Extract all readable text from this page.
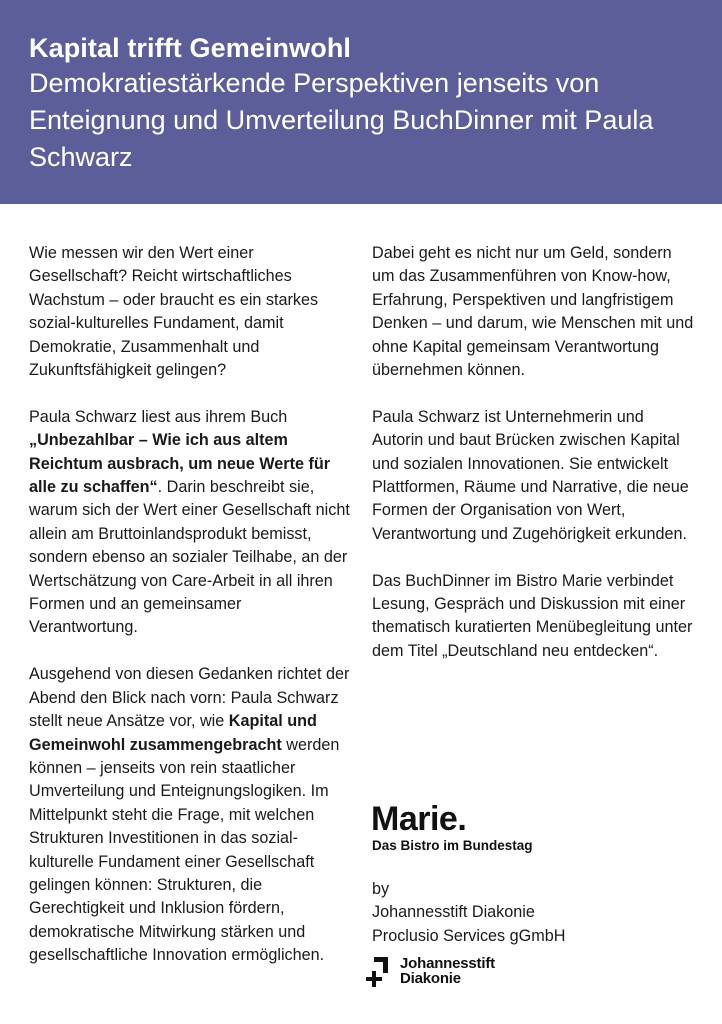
Kapital trifft Gemeinwohl

Demokratiestärkende Perspektiven jenseits von Enteignung und Umverteilung BuchDinner mit Paula Schwarz

Wie messen wir den Wert einer Gesellschaft? Reicht wirtschaftliches Wachstum – oder braucht es ein starkes sozial-kulturelles Fundament, damit Demokratie, Zusammenhalt und Zukunftsfähigkeit gelingen?

Paula Schwarz liest aus ihrem Buch „Unbezahlbar – Wie ich aus altem Reichtum ausbrach, um neue Werte für alle zu schaffen“. Darin beschreibt sie, warum sich der Wert einer Gesellschaft nicht allein am Bruttoinlandsprodukt bemisst, sondern ebenso an sozialer Teilhabe, an der Wertschätzung von Care-Arbeit in all ihren Formen und an gemeinsamer Verantwortung.

Ausgehend von diesen Gedanken richtet der Abend den Blick nach vorn: Paula Schwarz stellt neue Ansätze vor, wie Kapital und Gemeinwohl zusammengebracht werden können – jenseits von rein staatlicher Umverteilung und Enteignungslogiken. Im Mittelpunkt steht die Frage, mit welchen Strukturen Investitionen in das sozial-kulturelle Fundament einer Gesellschaft gelingen können: Strukturen, die Gerechtigkeit und Inklusion fördern, demokratische Mitwirkung stärken und gesellschaftliche Innovation ermöglichen.

Dabei geht es nicht nur um Geld, sondern um das Zusammenführen von Know-how, Erfahrung, Perspektiven und langfristigem Denken – und darum, wie Menschen mit und ohne Kapital gemeinsam Verantwortung übernehmen können.

Paula Schwarz ist Unternehmerin und Autorin und baut Brücken zwischen Kapital und sozialen Innovationen. Sie entwickelt Plattformen, Räume und Narrative, die neue Formen der Organisation von Wert, Verantwortung und Zugehörigkeit erkunden.

Das BuchDinner im Bistro Marie verbindet Lesung, Gespräch und Diskussion mit einer thematisch kuratierten Menübegleitung unter dem Titel „Deutschland neu entdecken“.

Marie.
Das Bistro im Bundestag
by
Johannesstift Diakonie
Proclusio Services gGmbH
Johannesstift
Diakonie
